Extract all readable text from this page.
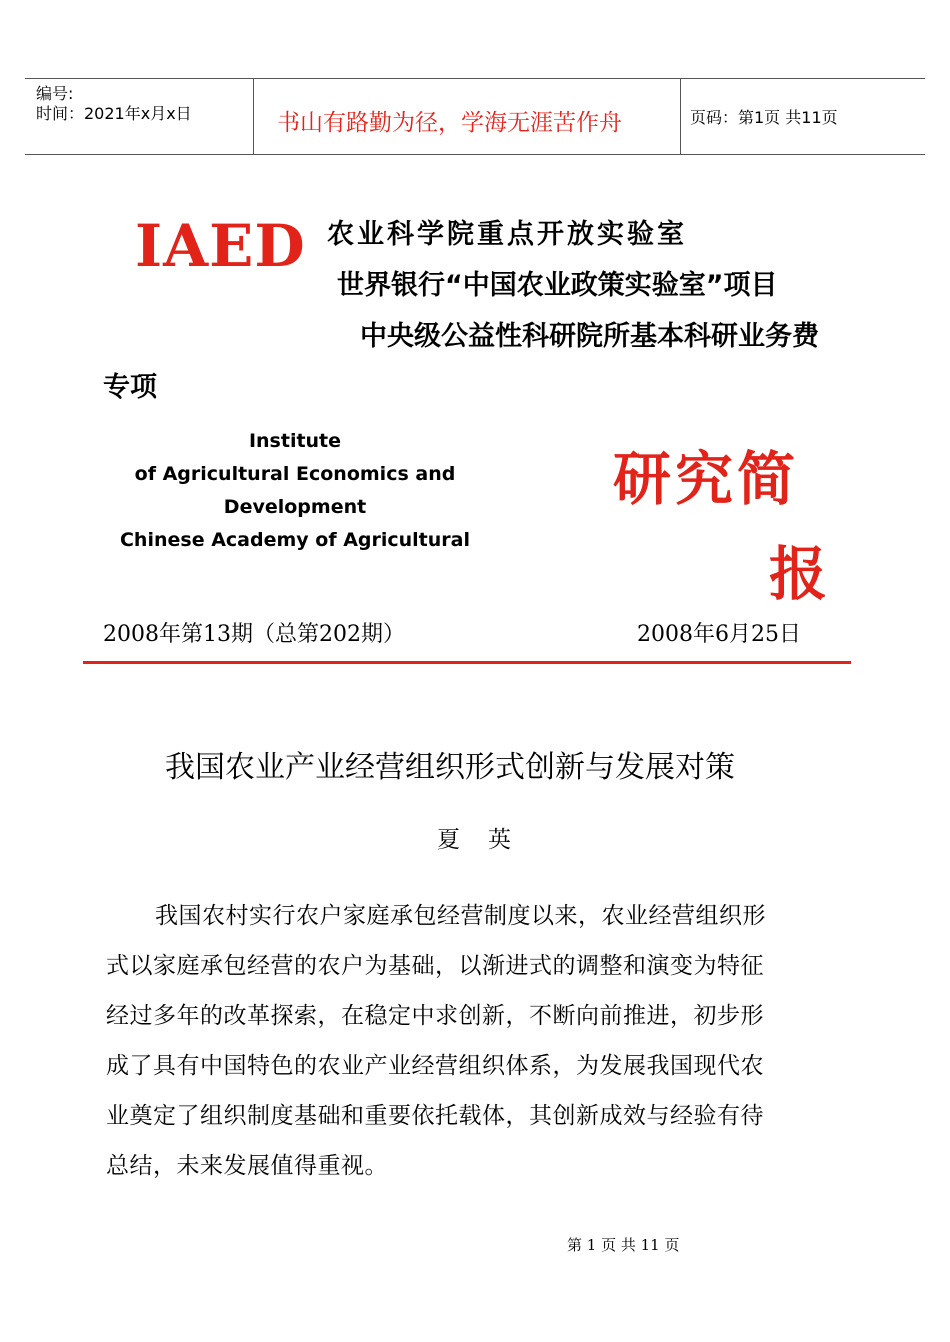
编号:
时间：2021年x月x日	书山有路勤为径，学海无涯苦作舟	页码：第1页 共11页
IAED 农业科学院重点开放实验室
世界银行“中国农业政策实验室”项目
中央级公益性科研院所基本科研业务费
专项
Institute
of Agricultural Economics and
Development
Chinese Academy of Agricultural
研究简
报
2008年第13期（总第202期）	2008年6月25日
我国农业产业经营组织形式创新与发展对策
夏英
我国农村实行农户家庭承包经营制度以来，农业经营组织形
式以家庭承包经营的农户为基础，以渐进式的调整和演变为特征
经过多年的改革探索，在稳定中求创新，不断向前推进，初步形
成了具有中国特色的农业产业经营组织体系，为发展我国现代农
业奠定了组织制度基础和重要依托载体，其创新成效与经验有待
总结，未来发展值得重视。
第 1 页 共 11 页
